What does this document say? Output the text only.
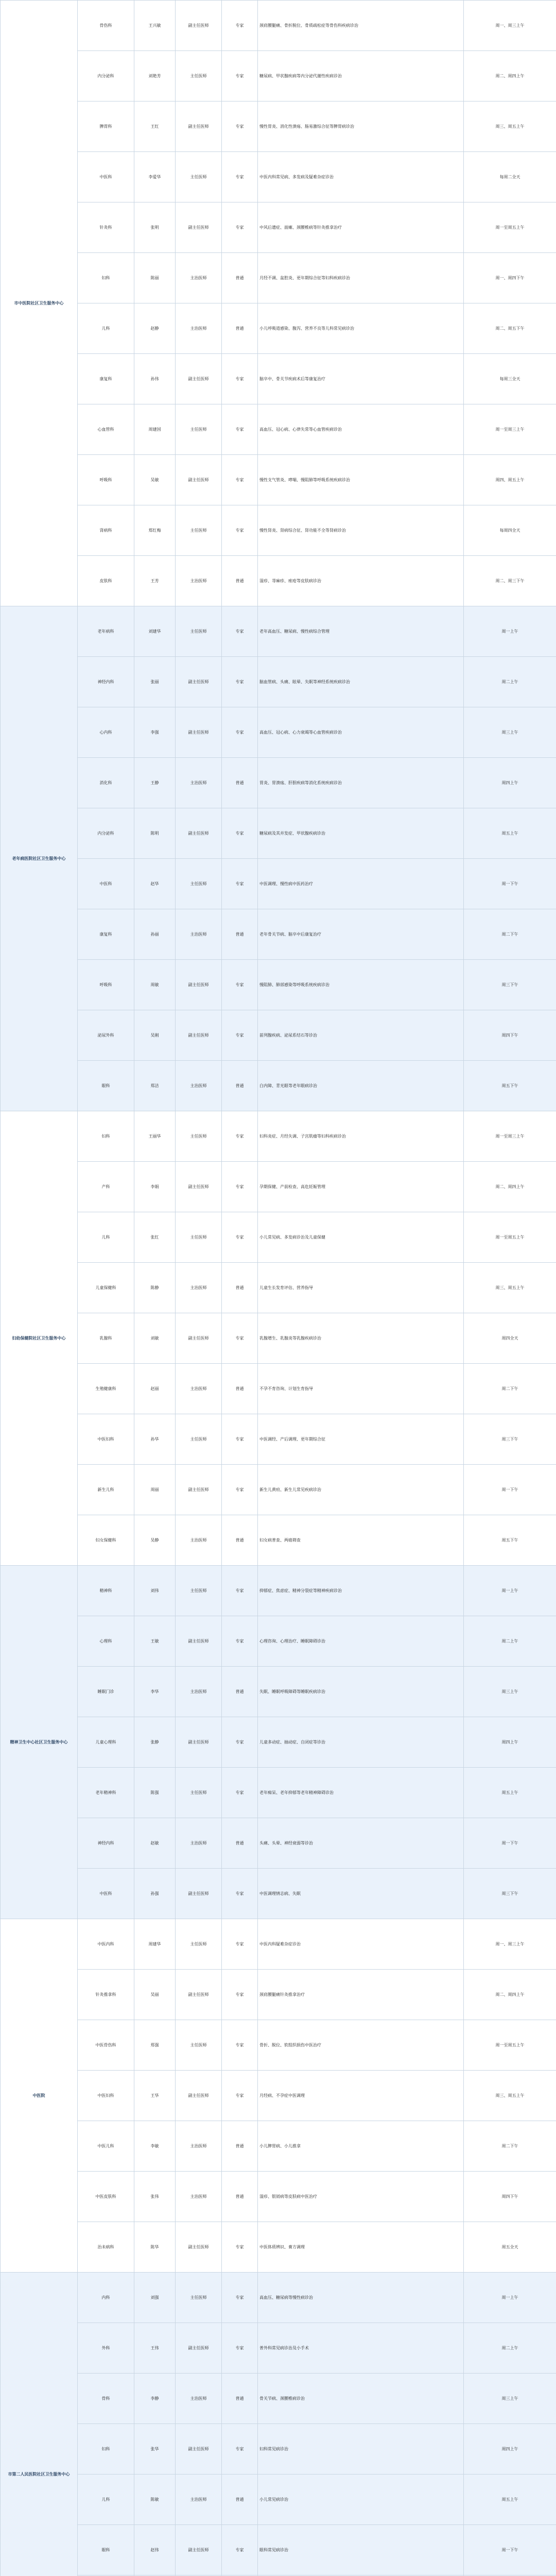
市中医院社区卫生服务中心	骨伤科	王兴敏	副主任医师	专家	颈肩腰腿痛、骨折脱位、骨质疏松症等骨伤科疾病诊治	周一、周三上午
	内分泌科	刘艳芳	主任医师	专家	糖尿病、甲状腺疾病等内分泌代谢性疾病诊治	周二、周四上午
	脾胃科	王红	副主任医师	专家	慢性胃炎、消化性溃疡、肠易激综合征等脾胃病诊治	周三、周五上午
	中医科	李爱华	主任医师	专家	中医内科常见病、多发病及疑难杂症诊治	每周二全天
	针灸科	张明	副主任医师	专家	中风后遗症、面瘫、颈腰椎病等针灸推拿治疗	周一至周五上午
	妇科	陈丽	主治医师	普通	月经不调、盆腔炎、更年期综合征等妇科疾病诊治	周一、周四下午
	儿科	赵静	主治医师	普通	小儿呼吸道感染、腹泻、营养不良等儿科常见病诊治	周二、周五下午
	康复科	孙伟	副主任医师	专家	脑卒中、骨关节疾病术后等康复治疗	每周三全天
	心血管科	周建国	主任医师	专家	高血压、冠心病、心律失常等心血管疾病诊治	周一至周三上午
	呼吸科	吴敏	副主任医师	专家	慢性支气管炎、哮喘、慢阻肺等呼吸系统疾病诊治	周四、周五上午
	肾病科	郑红梅	主任医师	专家	慢性肾炎、肾病综合征、肾功能不全等肾病诊治	每周四全天
	皮肤科	王芳	主治医师	普通	湿疹、荨麻疹、痤疮等皮肤病诊治	周二、周三下午
老年病医院社区卫生服务中心	老年病科	刘建华	主任医师	专家	老年高血压、糖尿病、慢性病综合管理	周一上午
	神经内科	张丽	副主任医师	专家	脑血管病、头痛、眩晕、失眠等神经系统疾病诊治	周二上午
	心内科	李强	副主任医师	专家	高血压、冠心病、心力衰竭等心血管疾病诊治	周三上午
	消化科	王静	主治医师	普通	胃炎、胃溃疡、肝胆疾病等消化系统疾病诊治	周四上午
	内分泌科	陈明	副主任医师	专家	糖尿病及其并发症、甲状腺疾病诊治	周五上午
	中医科	赵华	主任医师	专家	中医调理、慢性病中医药治疗	周一下午
	康复科	孙丽	主治医师	普通	老年骨关节病、脑卒中后康复治疗	周二下午
	呼吸科	周敏	副主任医师	专家	慢阻肺、肺部感染等呼吸系统疾病诊治	周三下午
	泌尿外科	吴刚	副主任医师	专家	前列腺疾病、泌尿系结石等诊治	周四下午
	眼科	郑洁	主治医师	普通	白内障、青光眼等老年眼病诊治	周五下午
妇幼保健院社区卫生服务中心	妇科	王丽华	主任医师	专家	妇科炎症、月经失调、子宫肌瘤等妇科疾病诊治	周一至周三上午
	产科	李娟	副主任医师	专家	孕期保健、产前检查、高危妊娠管理	周二、周四上午
	儿科	张红	主任医师	专家	小儿常见病、多发病诊治及儿童保健	周一至周五上午
	儿童保健科	陈静	主治医师	普通	儿童生长发育评估、营养指导	周三、周五上午
	乳腺科	刘敏	副主任医师	专家	乳腺增生、乳腺炎等乳腺疾病诊治	周四全天
	生殖健康科	赵丽	主治医师	普通	不孕不育咨询、计划生育指导	周二下午
	中医妇科	孙华	主任医师	专家	中医调经、产后调理、更年期综合征	周三下午
	新生儿科	周丽	副主任医师	专家	新生儿黄疸、新生儿常见疾病诊治	周一下午
	妇女保健科	吴静	主治医师	普通	妇女病普查、两癌筛查	周五下午
精神卫生中心社区卫生服务中心	精神科	刘伟	主任医师	专家	抑郁症、焦虑症、精神分裂症等精神疾病诊治	周一上午
	心理科	王敏	副主任医师	专家	心理咨询、心理治疗、睡眠障碍诊治	周二上午
	睡眠门诊	李华	主治医师	普通	失眠、睡眠呼吸障碍等睡眠疾病诊治	周三上午
	儿童心理科	张静	副主任医师	专家	儿童多动症、抽动症、自闭症等诊治	周四上午
	老年精神科	陈强	主任医师	专家	老年痴呆、老年抑郁等老年精神障碍诊治	周五上午
	神经内科	赵敏	主治医师	普通	头痛、头晕、神经衰弱等诊治	周一下午
	中医科	孙强	副主任医师	专家	中医调理情志病、失眠	周三下午
中医院	中医内科	周建华	主任医师	专家	中医内科疑难杂症诊治	周一、周三上午
	针灸推拿科	吴丽	副主任医师	专家	颈肩腰腿痛针灸推拿治疗	周二、周四上午
	中医骨伤科	郑强	主任医师	专家	骨折、脱位、软组织损伤中医治疗	周一至周五上午
	中医妇科	王华	副主任医师	专家	月经病、不孕症中医调理	周三、周五上午
	中医儿科	李敏	主治医师	普通	小儿脾胃病、小儿推拿	周二下午
	中医皮肤科	张伟	主治医师	普通	湿疹、银屑病等皮肤病中医治疗	周四下午
	治未病科	陈华	副主任医师	专家	中医体质辨识、膏方调理	周五全天
市第二人民医院社区卫生服务中心	内科	刘强	主任医师	专家	高血压、糖尿病等慢性病诊治	周一上午
	外科	王伟	副主任医师	专家	普外科常见病诊治及小手术	周二上午
	骨科	李静	主治医师	普通	骨关节病、颈腰椎病诊治	周三上午
	妇科	张华	副主任医师	专家	妇科常见病诊治	周四上午
	儿科	陈敏	主治医师	普通	小儿常见病诊治	周五上午
	眼科	赵伟	副主任医师	专家	眼科常见病诊治	周一下午
